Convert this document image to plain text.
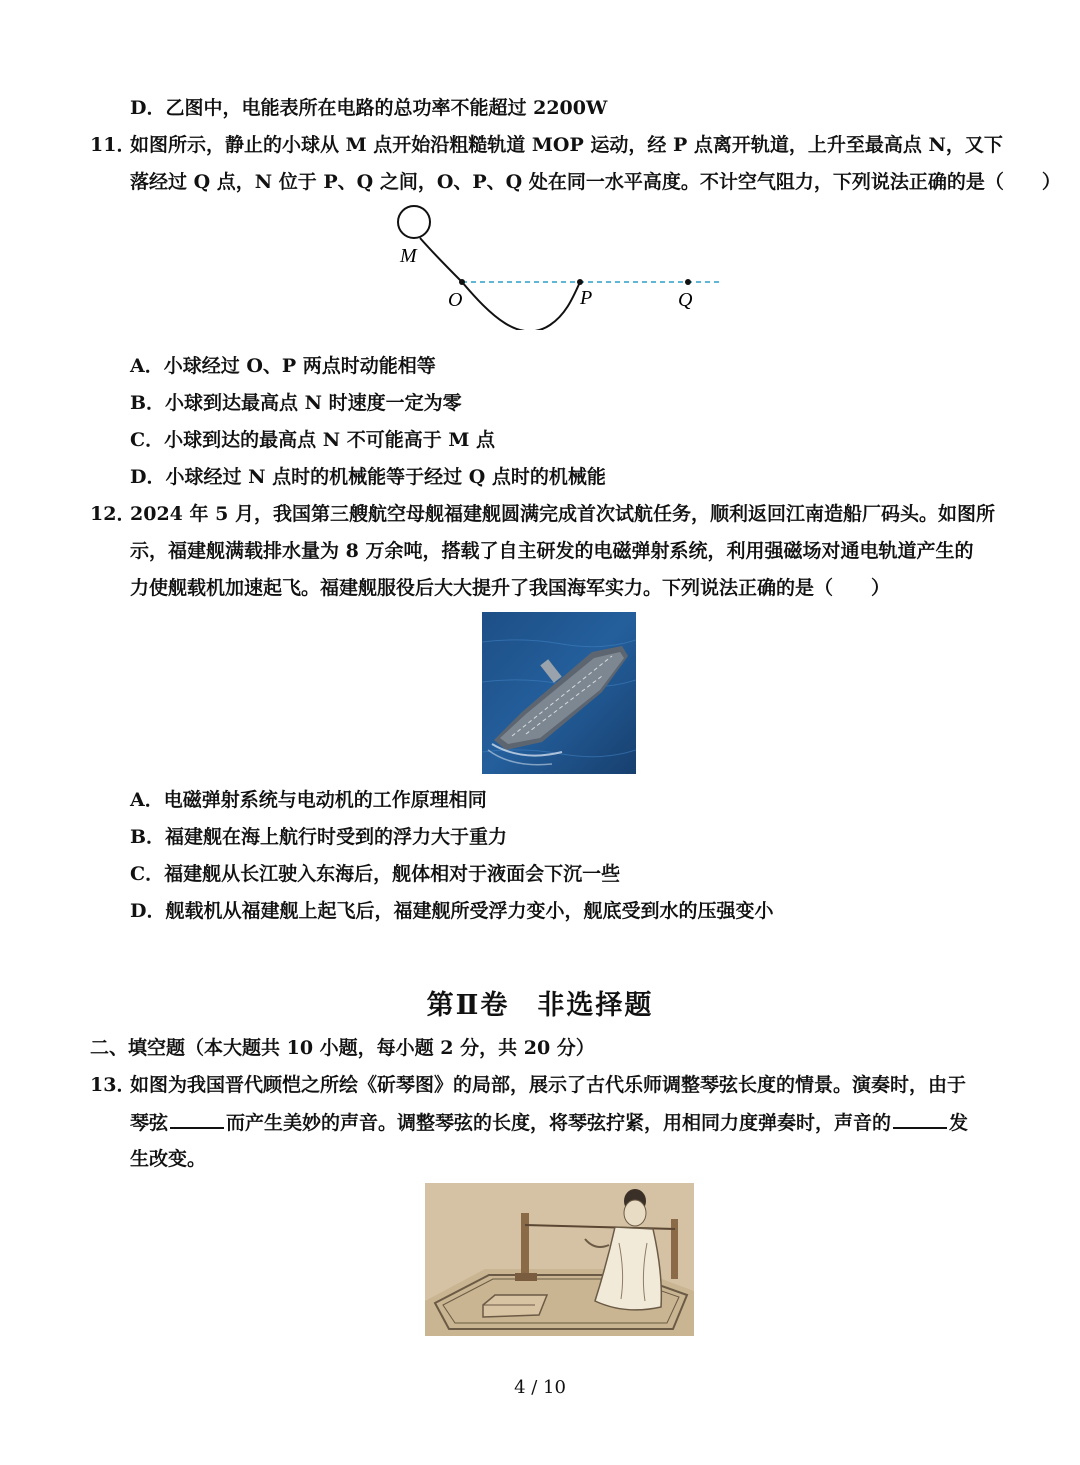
D．乙图中，电能表所在电路的总功率不能超过 2200W
11．
如图所示，静止的小球从 M 点开始沿粗糙轨道 MOP 运动，经 P 点离开轨道，上升至最高点 N，又下
落经过 Q 点，N 位于 P、Q 之间，O、P、Q 处在同一水平高度。不计空气阻力，下列说法正确的是（　　）
M
O	P	Q
A．小球经过 O、P 两点时动能相等
B．小球到达最高点 N 时速度一定为零
C．小球到达的最高点 N 不可能高于 M 点
D．小球经过 N 点时的机械能等于经过 Q 点时的机械能
12．
2024 年 5 月，我国第三艘航空母舰福建舰圆满完成首次试航任务，顺利返回江南造船厂码头。如图所
示，福建舰满载排水量为 8 万余吨，搭载了自主研发的电磁弹射系统，利用强磁场对通电轨道产生的
力使舰载机加速起飞。福建舰服役后大大提升了我国海军实力。下列说法正确的是（　　）
A．电磁弹射系统与电动机的工作原理相同
B．福建舰在海上航行时受到的浮力大于重力
C．福建舰从长江驶入东海后，舰体相对于液面会下沉一些
D．舰载机从福建舰上起飞后，福建舰所受浮力变小，舰底受到水的压强变小
第Ⅱ卷 非选择题
二、填空题（本大题共 10 小题，每小题 2 分，共 20 分）
13．
如图为我国晋代顾恺之所绘《斫琴图》的局部，展示了古代乐师调整琴弦长度的情景。演奏时，由于
琴弦	而产生美妙的声音。调整琴弦的长度，将琴弦拧紧，用相同力度弹奏时，声音的	发
生改变。
4 / 10
